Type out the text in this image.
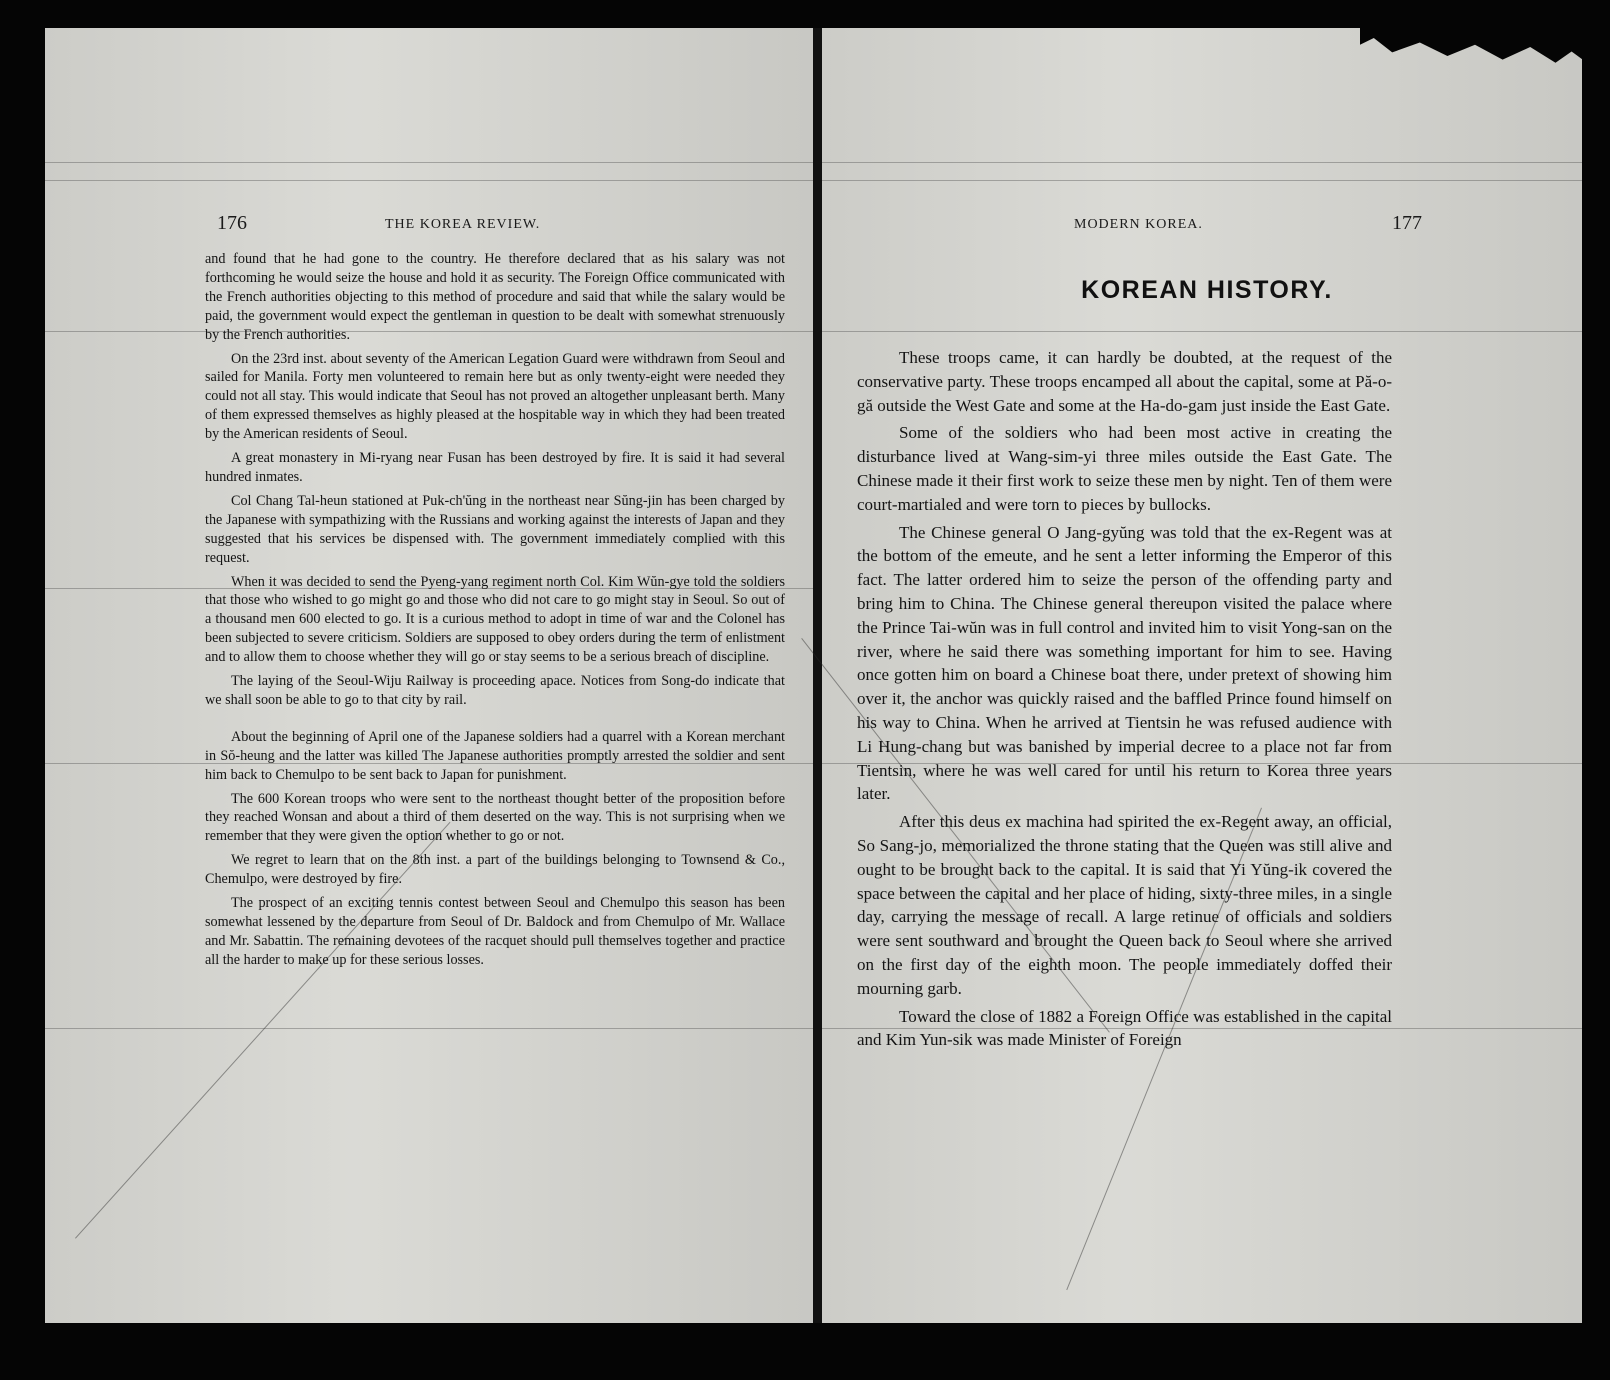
176	THE KOREA REVIEW.

and found that he had gone to the country. He therefore declared that as his salary was not forthcoming he would seize the house and hold it as security. The Foreign Office communicated with the French authorities objecting to this method of procedure and said that while the salary would be paid, the government would expect the gentleman in question to be dealt with somewhat strenuously by the French authorities.

On the 23rd inst. about seventy of the American Legation Guard were withdrawn from Seoul and sailed for Manila. Forty men volunteered to remain here but as only twenty-eight were needed they could not all stay. This would indicate that Seoul has not proved an altogether unpleasant berth. Many of them expressed themselves as highly pleased at the hospitable way in which they had been treated by the American residents of Seoul.

A great monastery in Mi-ryang near Fusan has been destroyed by fire. It is said it had several hundred inmates.

Col Chang Tal-heun stationed at Puk-ch'ŭng in the northeast near Sŭng-jin has been charged by the Japanese with sympathizing with the Russians and working against the interests of Japan and they suggested that his services be dispensed with. The government immediately complied with this request.

When it was decided to send the Pyeng-yang regiment north Col. Kim Wŭn-gye told the soldiers that those who wished to go might go and those who did not care to go might stay in Seoul. So out of a thousand men 600 elected to go. It is a curious method to adopt in time of war and the Colonel has been subjected to severe criticism. Soldiers are supposed to obey orders during the term of enlistment and to allow them to choose whether they will go or stay seems to be a serious breach of discipline.

The laying of the Seoul-Wiju Railway is proceeding apace. Notices from Song-do indicate that we shall soon be able to go to that city by rail.

About the beginning of April one of the Japanese soldiers had a quarrel with a Korean merchant in Sŏ-heung and the latter was killed The Japanese authorities promptly arrested the soldier and sent him back to Chemulpo to be sent back to Japan for punishment.

The 600 Korean troops who were sent to the northeast thought better of the proposition before they reached Wonsan and about a third of them deserted on the way. This is not surprising when we remember that they were given the option whether to go or not.

We regret to learn that on the 8th inst. a part of the buildings belonging to Townsend & Co., Chemulpo, were destroyed by fire.

The prospect of an exciting tennis contest between Seoul and Chemulpo this season has been somewhat lessened by the departure from Seoul of Dr. Baldock and from Chemulpo of Mr. Wallace and Mr. Sabattin. The remaining devotees of the racquet should pull themselves together and practice all the harder to make up for these serious losses.

MODERN KOREA.	177
KOREAN HISTORY.

These troops came, it can hardly be doubted, at the request of the conservative party. These troops encamped all about the capital, some at Pă-o-gă outside the West Gate and some at the Ha-do-gam just inside the East Gate.

Some of the soldiers who had been most active in creating the disturbance lived at Wang-sim-yi three miles outside the East Gate. The Chinese made it their first work to seize these men by night. Ten of them were court-martialed and were torn to pieces by bullocks.

The Chinese general O Jang-gyŭng was told that the ex-Regent was at the bottom of the emeute, and he sent a letter informing the Emperor of this fact. The latter ordered him to seize the person of the offending party and bring him to China. The Chinese general thereupon visited the palace where the Prince Tai-wŭn was in full control and invited him to visit Yong-san on the river, where he said there was something important for him to see. Having once gotten him on board a Chinese boat there, under pretext of showing him over it, the anchor was quickly raised and the baffled Prince found himself on his way to China. When he arrived at Tientsin he was refused audience with Li Hung-chang but was banished by imperial decree to a place not far from Tientsin, where he was well cared for until his return to Korea three years later.

After this deus ex machina had spirited the ex-Regent away, an official, So Sang-jo, memorialized the throne stating that the Queen was still alive and ought to be brought back to the capital. It is said that Yi Yŭng-ik covered the space between the capital and her place of hiding, sixty-three miles, in a single day, carrying the message of recall. A large retinue of officials and soldiers were sent southward and brought the Queen back to Seoul where she arrived on the first day of the eighth moon. The people immediately doffed their mourning garb.

Toward the close of 1882 a Foreign Office was established in the capital and Kim Yun-sik was made Minister of Foreign
